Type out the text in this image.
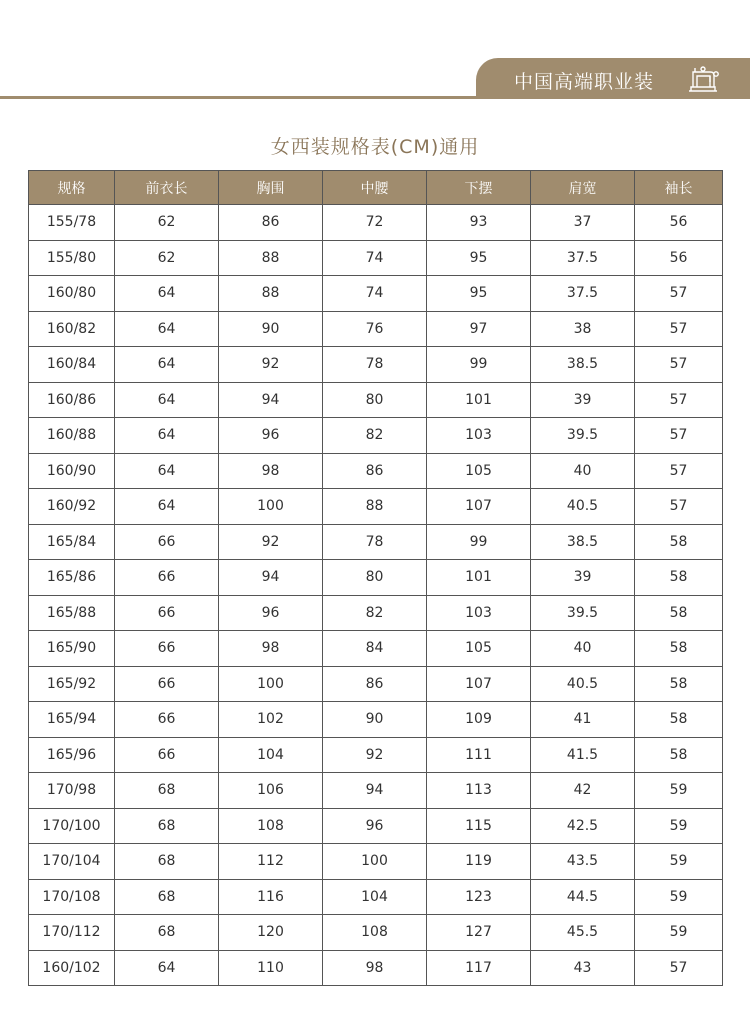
中国高端职业装
女西装规格表(CM)通用
规格	前衣长	胸围	中腰	下摆	肩宽	袖长
155/78	62	86	72	93	37	56
155/80	62	88	74	95	37.5	56
160/80	64	88	74	95	37.5	57
160/82	64	90	76	97	38	57
160/84	64	92	78	99	38.5	57
160/86	64	94	80	101	39	57
160/88	64	96	82	103	39.5	57
160/90	64	98	86	105	40	57
160/92	64	100	88	107	40.5	57
165/84	66	92	78	99	38.5	58
165/86	66	94	80	101	39	58
165/88	66	96	82	103	39.5	58
165/90	66	98	84	105	40	58
165/92	66	100	86	107	40.5	58
165/94	66	102	90	109	41	58
165/96	66	104	92	111	41.5	58
170/98	68	106	94	113	42	59
170/100	68	108	96	115	42.5	59
170/104	68	112	100	119	43.5	59
170/108	68	116	104	123	44.5	59
170/112	68	120	108	127	45.5	59
160/102	64	110	98	117	43	57
